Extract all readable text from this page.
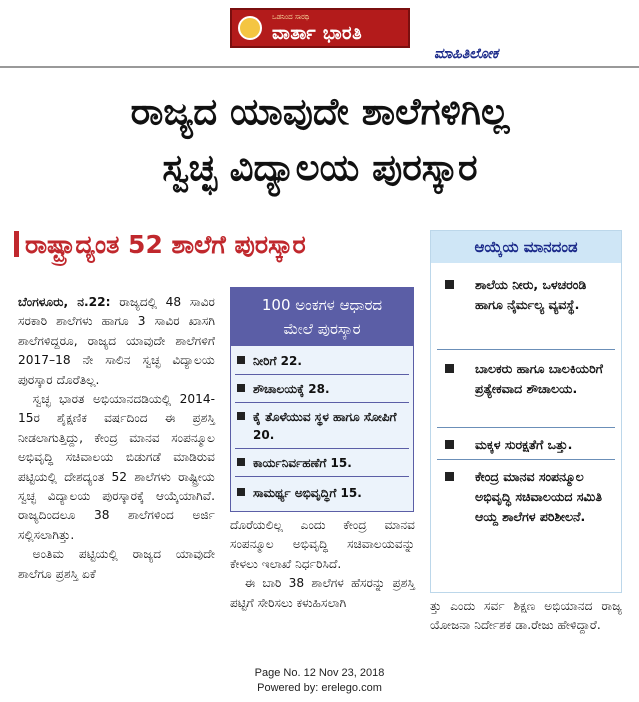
ಒಡನಿಂದ ಸಾರಥಿ
ವಾರ್ತಾ ಭಾರತಿ
ಮಾಹಿತಿಲೋಕ
ರಾಜ್ಯದ ಯಾವುದೇ ಶಾಲೆಗಳಿಗಿಲ್ಲ
ಸ್ವಚ್ಛ ವಿದ್ಯಾಲಯ ಪುರಸ್ಕಾರ
ರಾಷ್ಟ್ರಾದ್ಯಂತ 52 ಶಾಲೆಗೆ ಪುರಸ್ಕಾರ

ಬೆಂಗಳೂರು, ನ.22: ರಾಜ್ಯದಲ್ಲಿ 48 ಸಾವಿರ ಸರಕಾರಿ ಶಾಲೆಗಳು ಹಾಗೂ 3 ಸಾವಿರ ಖಾಸಗಿ ಶಾಲೆಗಳಿದ್ದರೂ, ರಾಜ್ಯದ ಯಾವುದೇ ಶಾಲೆಗಳಿಗೆ 2017–18 ನೇ ಸಾಲಿನ ಸ್ವಚ್ಛ ವಿದ್ಯಾಲಯ ಪುರಸ್ಕಾರ ದೊರೆತಿಲ್ಲ.

ಸ್ವಚ್ಛ ಭಾರತ ಅಭಿಯಾನದಡಿಯಲ್ಲಿ 2014-15ರ ಶೈಕ್ಷಣಿಕ ವರ್ಷದಿಂದ ಈ ಪ್ರಶಸ್ತಿ ನೀಡಲಾಗುತ್ತಿದ್ದು, ಕೇಂದ್ರ ಮಾನವ ಸಂಪನ್ಮೂಲ ಅಭಿವೃದ್ಧಿ ಸಚಿವಾಲಯ ಬಿಡುಗಡೆ ಮಾಡಿರುವ ಪಟ್ಟಿಯಲ್ಲಿ ದೇಶದ್ಯಂತ 52 ಶಾಲೆಗಳು ರಾಷ್ಟ್ರೀಯ ಸ್ವಚ್ಛ ವಿದ್ಯಾಲಯ ಪುರಸ್ಕಾರಕ್ಕೆ ಆಯ್ಕೆಯಾಗಿವೆ. ರಾಜ್ಯದಿಂದಲೂ 38 ಶಾಲೆಗಳಿಂದ ಅರ್ಜಿ ಸಲ್ಲಿಸಲಾಗಿತ್ತು.

ಅಂತಿಮ ಪಟ್ಟಿಯಲ್ಲಿ ರಾಜ್ಯದ ಯಾವುದೇ ಶಾಲೆಗೂ ಪ್ರಶಸ್ತಿ ಏಕೆ

100 ಅಂಕಗಳ ಆಧಾರದ
ಮೇಲೆ ಪುರಸ್ಕಾರ
ನೀರಿಗೆ 22.
ಶೌಚಾಲಯಕ್ಕೆ 28.
ಕೈ ತೊಳೆಯುವ ಸ್ಥಳ ಹಾಗೂ ಸೋಪಿಗೆ 20.
ಕಾರ್ಯನಿರ್ವಹಣೆಗೆ 15.
ಸಾಮರ್ಥ್ಯ ಅಭಿವೃದ್ಧಿಗೆ 15.

ದೊರೆಯಲಿಲ್ಲ ಎಂದು ಕೇಂದ್ರ ಮಾನವ ಸಂಪನ್ಮೂಲ ಅಭಿವೃದ್ಧಿ ಸಚಿವಾಲಯವನ್ನು ಕೇಳಲು ಇಲಾಖೆ ನಿರ್ಧರಿಸಿದೆ.

ಈ ಬಾರಿ 38 ಶಾಲೆಗಳ ಹೆಸರನ್ನು ಪ್ರಶಸ್ತಿ ಪಟ್ಟಿಗೆ ಸೇರಿಸಲು ಕಳುಹಿಸಲಾಗಿ

ಆಯ್ಕೆಯ ಮಾನದಂಡ
ಶಾಲೆಯ ನೀರು, ಒಳಚರಂಡಿ ಹಾಗೂ ನೈರ್ಮಲ್ಯ ವ್ಯವಸ್ಥೆ.
ಬಾಲಕರು ಹಾಗೂ ಬಾಲಕಿಯರಿಗೆ ಪ್ರತ್ಯೇಕವಾದ ಶೌಚಾಲಯ.
ಮಕ್ಕಳ ಸುರಕ್ಷತೆಗೆ ಒತ್ತು.
ಕೇಂದ್ರ ಮಾನವ ಸಂಪನ್ಮೂಲ ಅಭಿವೃದ್ಧಿ ಸಚಿವಾಲಯದ ಸಮಿತಿ ಆಯ್ದ ಶಾಲೆಗಳ ಪರಿಶೀಲನೆ.

ತ್ತು ಎಂದು ಸರ್ವ ಶಿಕ್ಷಣ ಅಭಿಯಾನದ ರಾಜ್ಯ ಯೋಜನಾ ನಿರ್ದೇಶಕ ಡಾ.ರೇಜು ಹೇಳಿದ್ದಾರೆ.

Page No. 12 Nov 23, 2018
Powered by: erelego.com
